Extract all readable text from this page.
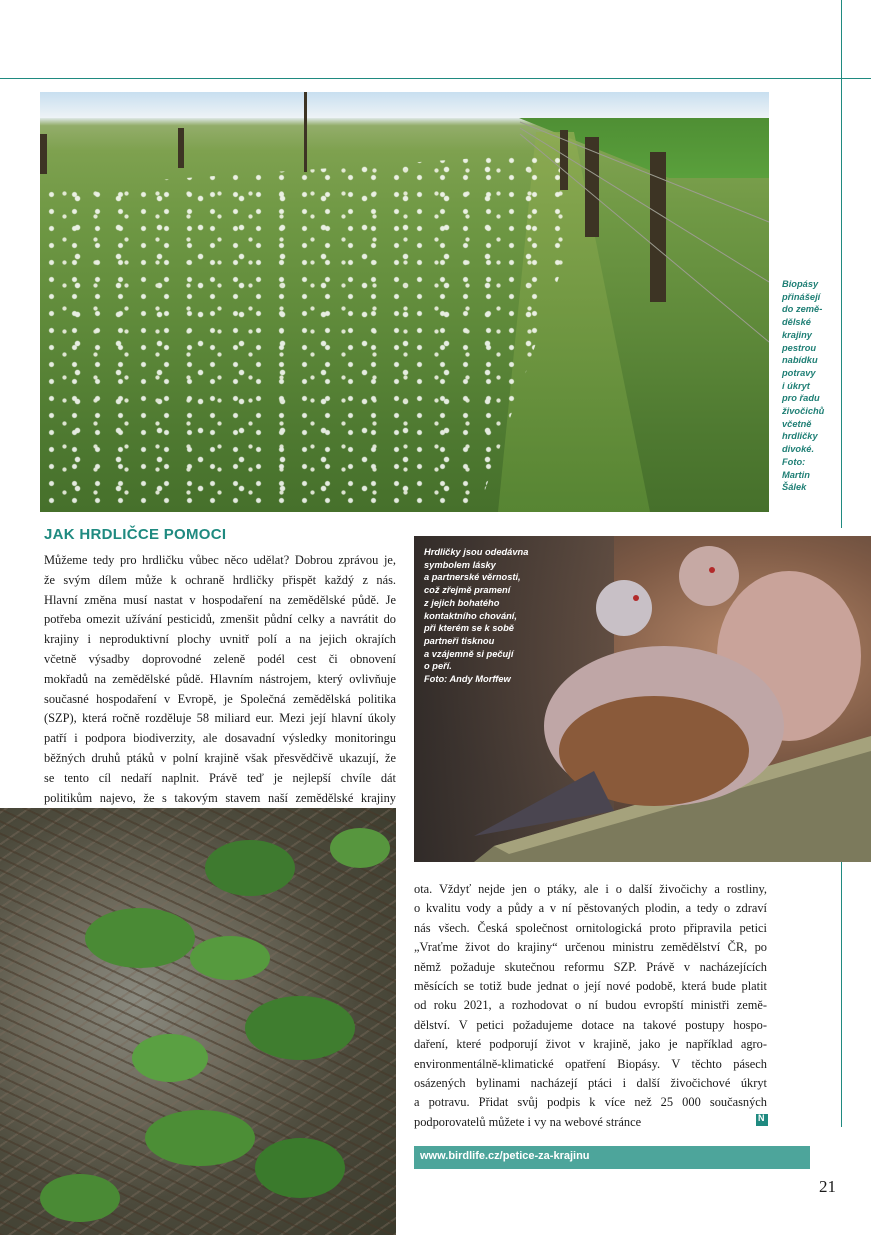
Biopásy
přinášejí
do země-
dělské
krajiny
pestrou
nabídku
potravy
i úkryt
pro řadu
živočichů
včetně
hrdličky
divoké.
Foto:
Martin
Šálek
JAK HRDLIČCE POMOCI

Můžeme tedy pro hrdličku vůbec něco udělat? Dobrou zprávou je,

že svým dílem může k ochraně hrdličky přispět každý z nás.

Hlavní změna musí nastat v hospodaření na zemědělské půdě. Je

potřeba omezit užívání pesticidů, zmenšit půdní celky a navrátit do

krajiny i neproduktivní plochy uvnitř polí a na jejich okrajích

včetně výsadby doprovodné zeleně podél cest či obnovení

mokřadů na zemědělské půdě. Hlavním nástrojem, který ovlivňuje

současné hospodaření v Evropě, je Společná zemědělská politika

(SZP), která ročně rozděluje 58 miliard eur. Mezi její hlavní úkoly

patří i podpora biodiverzity, ale dosavadní výsledky monitoringu

běžných druhů ptáků v polní krajině však přesvědčivě ukazují, že

se tento cíl nedaří naplnit. Právě teď je nejlepší chvíle dát

politikům najevo, že s takovým stavem naší zemědělské krajiny

Hrdličky jsou odedávna
symbolem lásky
a partnerské věrnosti,
což zřejmě pramení
z jejich bohatého
kontaktního chování,
při kterém se k sobě
partneři tisknou
a vzájemně si pečují
o peří.
Foto: Andy Morffew

ota. Vždyť nejde jen o ptáky, ale i o další živočichy a rostliny,

o kvalitu vody a půdy a v ní pěstovaných plodin, a tedy o zdraví

nás všech. Česká společnost ornitologická proto připravila petici

„Vraťme život do krajiny“ určenou ministru zemědělství ČR, po

němž požaduje skutečnou reformu SZP. Právě v nacházejících

měsících se totiž bude jednat o její nové podobě, která bude platit

od roku 2021, a rozhodovat o ní budou evropští ministři země-

dělství. V petici požadujeme dotace na takové postupy hospo-

daření, které podporují život v krajině, jako je například agro-

environmentálně-klimatické opatření Biopásy. V těchto pásech

osázených bylinami nacházejí ptáci i další živočichové úkryt

a potravu. Přidat svůj podpis k více než 25 000 současných

podporovatelů můžete i vy na webové stránce	N
www.birdlife.cz/petice-za-krajinu
21
